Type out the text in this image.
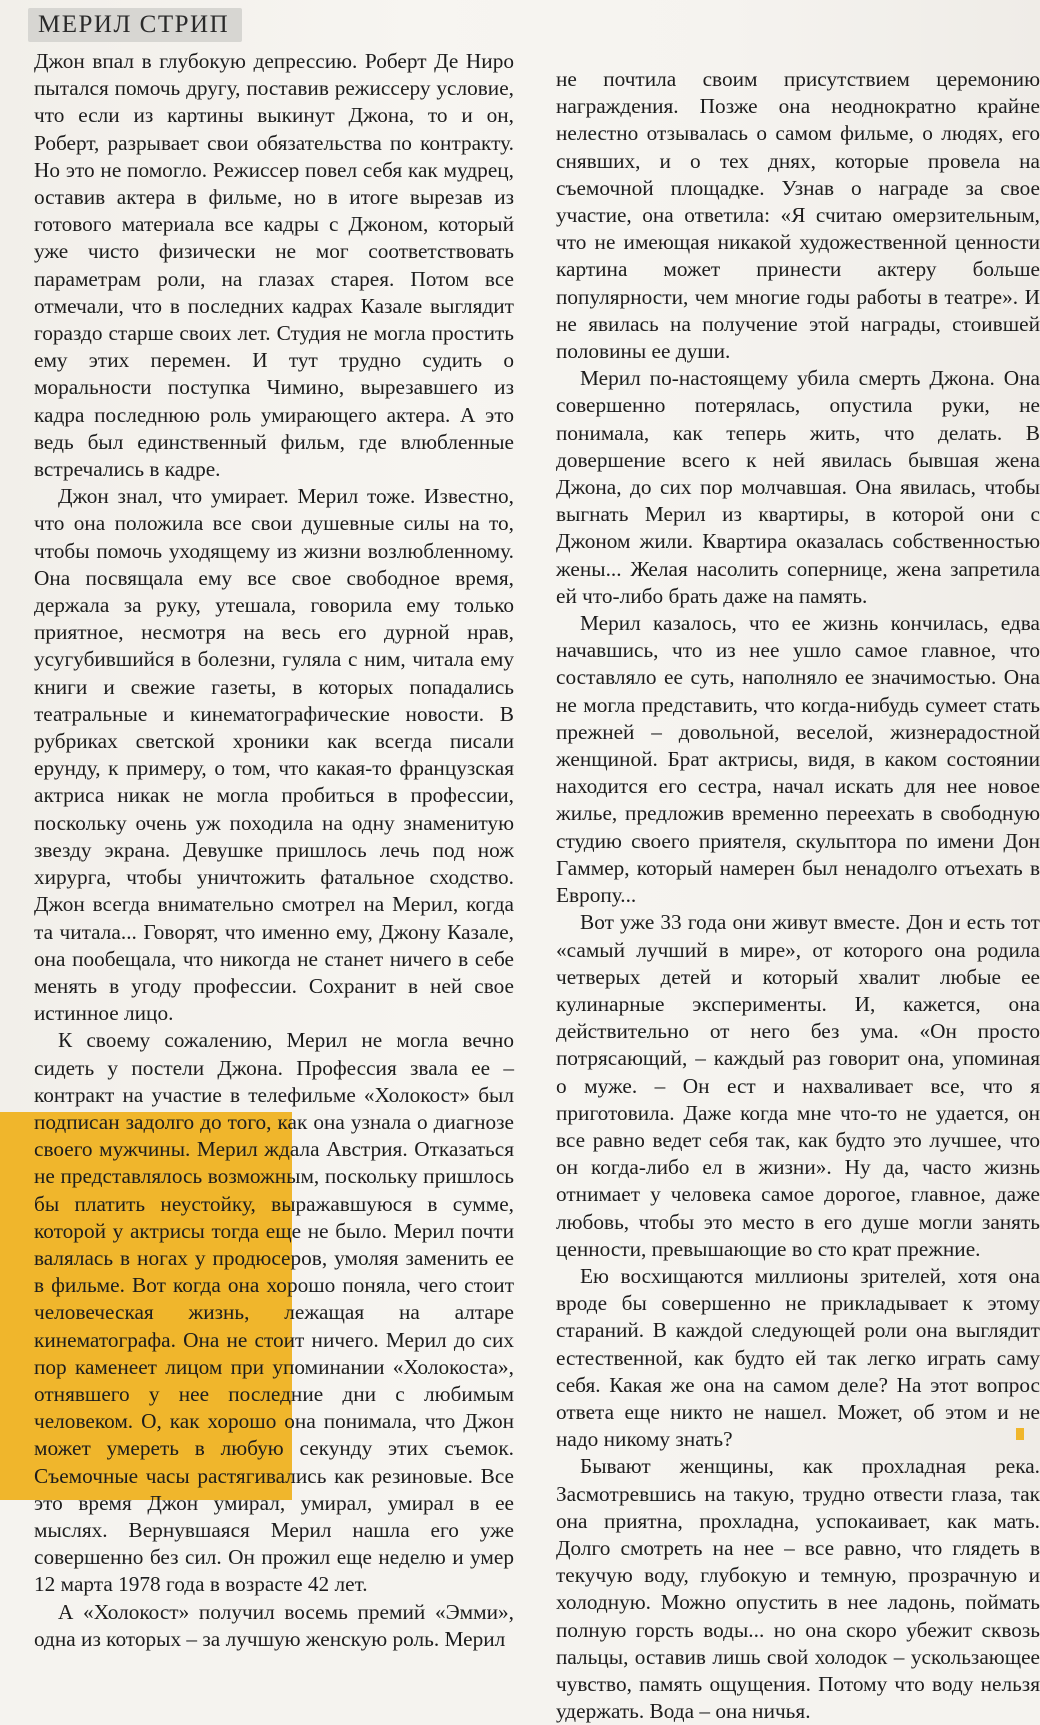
МЕРИЛ СТРИП

Джон впал в глубокую депрессию. Роберт Де Ниро пытался помочь другу, поставив режиссеру условие, что если из картины выкинут Джона, то и он, Роберт, разрывает свои обязательства по контракту. Но это не помогло. Режиссер повел себя как мудрец, оставив актера в фильме, но в итоге вырезав из готового материала все кадры с Джоном, который уже чисто физически не мог соответствовать параметрам роли, на глазах старея. Потом все отмечали, что в последних кадрах Казале выглядит гораздо старше своих лет. Студия не могла простить ему этих перемен. И тут трудно судить о моральности поступка Чимино, вырезавшего из кадра последнюю роль умирающего актера. А это ведь был единственный фильм, где влюбленные встречались в кадре.

Джон знал, что умирает. Мерил тоже. Известно, что она положила все свои душевные силы на то, чтобы помочь уходящему из жизни возлюбленному. Она посвящала ему все свое свободное время, держала за руку, утешала, говорила ему только приятное, несмотря на весь его дурной нрав, усугубившийся в болезни, гуляла с ним, читала ему книги и свежие газеты, в которых попадались театральные и кинематографические новости. В рубриках светской хроники как всегда писали ерунду, к примеру, о том, что какая-то французская актриса никак не могла пробиться в профессии, поскольку очень уж походила на одну знаменитую звезду экрана. Девушке пришлось лечь под нож хирурга, чтобы уничтожить фатальное сходство. Джон всегда внимательно смотрел на Мерил, когда та читала... Говорят, что именно ему, Джону Казале, она пообещала, что никогда не станет ничего в себе менять в угоду профессии. Сохранит в ней свое истинное лицо.

К своему сожалению, Мерил не могла вечно сидеть у постели Джона. Профессия звала ее – контракт на участие в телефильме «Холокост» был подписан задолго до того, как она узнала о диагнозе своего мужчины. Мерил ждала Австрия. Отказаться не представлялось возможным, поскольку пришлось бы платить неустойку, выражавшуюся в сумме, которой у актрисы тогда еще не было. Мерил почти валялась в ногах у продюсеров, умоляя заменить ее в фильме. Вот когда она хорошо поняла, чего стоит человеческая жизнь, лежащая на алтаре кинематографа. Она не стоит ничего. Мерил до сих пор каменеет лицом при упоминании «Холокоста», отнявшего у нее последние дни с любимым человеком. О, как хорошо она понимала, что Джон может умереть в любую секунду этих съемок. Съемочные часы растягивались как резиновые. Все это время Джон умирал, умирал, умирал в ее мыслях. Вернувшаяся Мерил нашла его уже совершенно без сил. Он прожил еще неделю и умер 12 марта 1978 года в возрасте 42 лет.

А «Холокост» получил восемь премий «Эмми», одна из которых – за лучшую женскую роль. Мерил

не почтила своим присутствием церемонию награждения. Позже она неоднократно крайне нелестно отзывалась о самом фильме, о людях, его снявших, и о тех днях, которые провела на съемочной площадке. Узнав о награде за свое участие, она ответила: «Я считаю омерзительным, что не имеющая никакой художественной ценности картина может принести актеру больше популярности, чем многие годы работы в театре». И не явилась на получение этой награды, стоившей половины ее души.

Мерил по-настоящему убила смерть Джона. Она совершенно потерялась, опустила руки, не понимала, как теперь жить, что делать. В довершение всего к ней явилась бывшая жена Джона, до сих пор молчавшая. Она явилась, чтобы выгнать Мерил из квартиры, в которой они с Джоном жили. Квартира оказалась собственностью жены... Желая насолить сопернице, жена запретила ей что-либо брать даже на память.

Мерил казалось, что ее жизнь кончилась, едва начавшись, что из нее ушло самое главное, что составляло ее суть, наполняло ее значимостью. Она не могла представить, что когда-нибудь сумеет стать прежней – довольной, веселой, жизнерадостной женщиной. Брат актрисы, видя, в каком состоянии находится его сестра, начал искать для нее новое жилье, предложив временно переехать в свободную студию своего приятеля, скульптора по имени Дон Гаммер, который намерен был ненадолго отъехать в Европу...

Вот уже 33 года они живут вместе. Дон и есть тот «самый лучший в мире», от которого она родила четверых детей и который хвалит любые ее кулинарные эксперименты. И, кажется, она действительно от него без ума. «Он просто потрясающий, – каждый раз говорит она, упоминая о муже. – Он ест и нахваливает все, что я приготовила. Даже когда мне что-то не удается, он все равно ведет себя так, как будто это лучшее, что он когда-либо ел в жизни». Ну да, часто жизнь отнимает у человека самое дорогое, главное, даже любовь, чтобы это место в его душе могли занять ценности, превышающие во сто крат прежние.

Ею восхищаются миллионы зрителей, хотя она вроде бы совершенно не прикладывает к этому стараний. В каждой следующей роли она выглядит естественной, как будто ей так легко играть саму себя. Какая же она на самом деле? На этот вопрос ответа еще никто не нашел. Может, об этом и не надо никому знать?

Бывают женщины, как прохладная река. Засмотревшись на такую, трудно отвести глаза, так она приятна, прохладна, успокаивает, как мать. Долго смотреть на нее – все равно, что глядеть в текучую воду, глубокую и темную, прозрачную и холодную. Можно опустить в нее ладонь, поймать полную горсть воды... но она скоро убежит сквозь пальцы, оставив лишь свой холодок – ускользающее чувство, память ощущения. Потому что воду нельзя удержать. Вода – она ничья.
